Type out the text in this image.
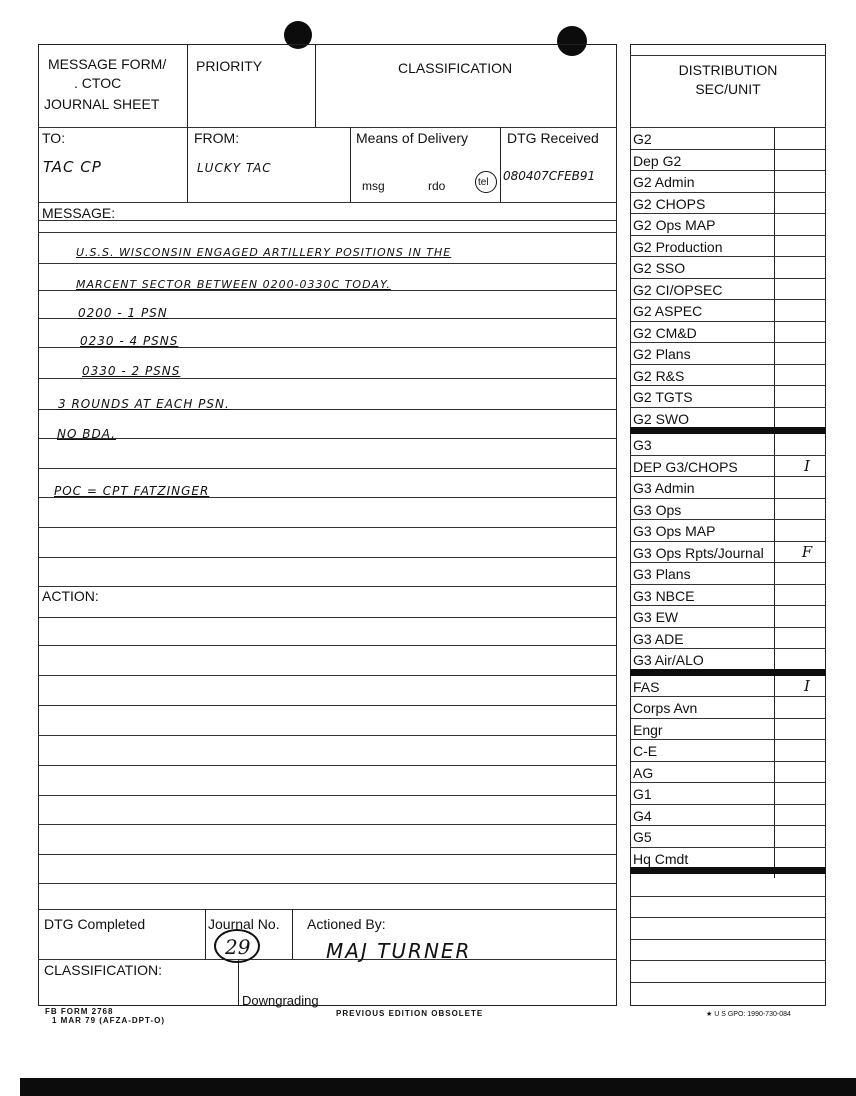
MESSAGE FORM/
. CTOC
JOURNAL SHEET
PRIORITY	CLASSIFICATION
TO:
TAC CP
FROM:
LUCKY TAC
Means of Delivery
msg	rdo	tel
DTG Received
080407CFEB91
MESSAGE:
U.S.S. WISCONSIN ENGAGED ARTILLERY POSITIONS IN THE
MARCENT SECTOR BETWEEN 0200-0330C TODAY.
0200 - 1 PSN
0230 - 4 PSNS
0330 - 2 PSNS
3 ROUNDS AT EACH PSN.
NO BDA.
POC = CPT FATZINGER
ACTION:
DTG Completed	Journal No.
29
Actioned By:
MAJ TURNER
CLASSIFICATION:
Downgrading
FB FORM 2768
1 MAR 79 (AFZA-DPT-O)
PREVIOUS EDITION OBSOLETE	★ U S GPO: 1990-730-084
DISTRIBUTION
SEC/UNIT
G2
Dep G2
G2 Admin
G2 CHOPS
G2 Ops MAP
G2 Production
G2 SSO
G2 CI/OPSEC
G2 ASPEC
G2 CM&D
G2 Plans
G2 R&S
G2 TGTS
G2 SWO
G3
DEP G3/CHOPS	I
G3 Admin
G3 Ops
G3 Ops MAP
G3 Ops Rpts/Journal	F
G3 Plans
G3 NBCE
G3 EW
G3 ADE
G3 Air/ALO
FAS	I
Corps Avn
Engr
C-E
AG
G1
G4
G5
Hq Cmdt
